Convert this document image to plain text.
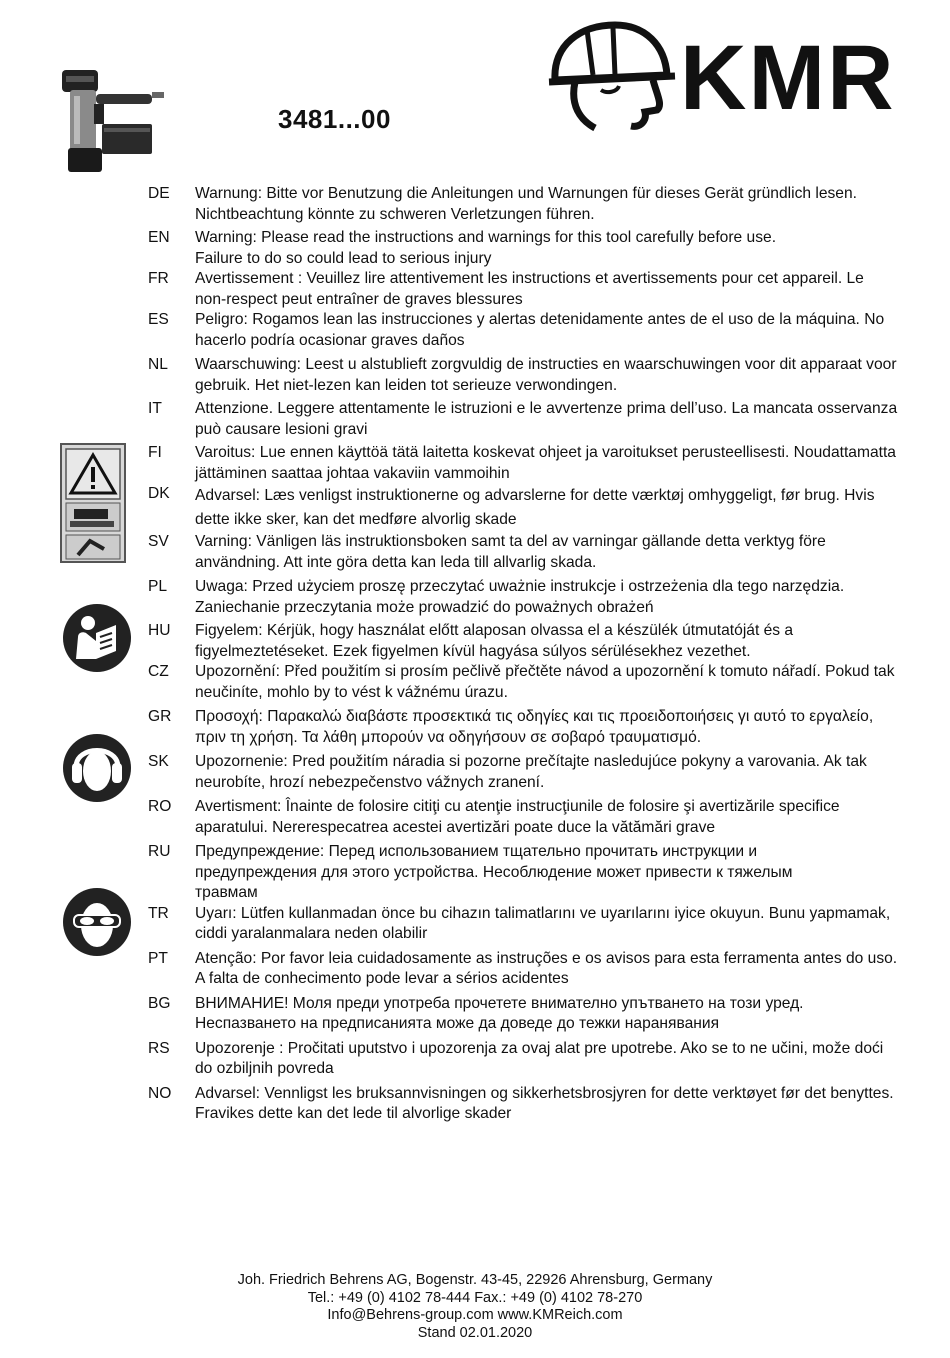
3481...00	KMR
DE Warnung: Bitte vor Benutzung die Anleitungen und Warnungen für dieses Gerät gründlich lesen. Nichtbeachtung könnte zu schweren Verletzungen führen.
EN Warning: Please read the instructions and warnings for this tool carefully before use. Failure to do so could lead to serious injury
FR Avertissement : Veuillez lire attentivement les instructions et avertissements pour cet appareil. Le non-respect peut entraîner de graves blessures
ES Peligro: Rogamos lean las instrucciones y alertas detenidamente antes de el uso de la máquina. No hacerlo podría ocasionar graves daños
NL Waarschuwing: Leest u alstublieft zorgvuldig de instructies en waarschuwingen voor dit apparaat voor gebruik. Het niet-lezen kan leiden tot serieuze verwondingen.
IT Attenzione. Leggere attentamente le istruzioni e le avvertenze prima dell’uso. La mancata osservanza può causare lesioni gravi
FI Varoitus: Lue ennen käyttöä tätä laitetta koskevat ohjeet ja varoitukset perusteellisesti. Noudattamatta jättäminen saattaa johtaa vakaviin vammoihin
DK Advarsel: Læs venligst instruktionerne og advarslerne for dette værktøj omhyggeligt, før brug. Hvis dette ikke sker, kan det medføre alvorlig skade
SV Varning: Vänligen läs instruktionsboken samt ta del av varningar gällande detta verktyg före användning. Att inte göra detta kan leda till allvarlig skada.
PL Uwaga: Przed użyciem proszę przeczytać uważnie instrukcje i ostrzeżenia dla tego narzędzia. Zaniechanie przeczytania może prowadzić do poważnych obrażeń
HU Figyelem: Kérjük, hogy használat előtt alaposan olvassa el a készülék útmutatóját és a figyelmeztetéseket. Ezek figyelmen kívül hagyása súlyos sérülésekhez vezethet.
CZ Upozornění: Před použitím si prosím pečlivě přečtěte návod a upozornění k tomuto nářadí. Pokud tak neučiníte, mohlo by to vést k vážnému úrazu.
GR Προσοχή: Παρακαλώ διαβάστε προσεκτικά τις οδηγίες και τις προειδοποιήσεις γι αυτό το εργαλείο, πριν τη χρήση. Τα λάθη μπορούν να οδηγήσουν σε σοβαρό τραυματισμό.
SK Upozornenie: Pred použitím náradia si pozorne prečítajte nasledujúce pokyny a varovania. Ak tak neurobíte, hrozí nebezpečenstvo vážnych zranení.
RO Avertisment: Înainte de folosire citiţi cu atenţie instrucţiunile de folosire şi avertizările specifice aparatului. Nererespecatrea acestei avertizări poate duce la vătămări grave
RU Предупреждение: Перед использованием тщательно прочитать инструкции и предупреждения для этого устройства. Несоблюдение может привести к тяжелым травмам
TR Uyarı: Lütfen kullanmadan önce bu cihazın talimatlarını ve uyarılarını iyice okuyun. Bunu yapmamak, ciddi yaralanmalara neden olabilir
PT Atenção: Por favor leia cuidadosamente as instruções e os avisos para esta ferramenta antes do uso. A falta de conhecimento pode levar a sérios acidentes
BG ВНИМАНИЕ! Моля преди употреба прочетете внимателно упътването на този уред. Неспазването на предписанията може да доведе до тежки наранявания
RS Upozorenje : Pročitati uputstvo i upozorenja za ovaj alat pre upotrebe. Ako se to ne učini, može doći do ozbiljnih povreda
NO Advarsel: Vennligst les bruksannvisningen og sikkerhetsbrosjyren for dette verktøyet før det benyttes. Fravikes dette kan det lede til alvorlige skader
Joh. Friedrich Behrens AG, Bogenstr. 43-45, 22926 Ahrensburg, Germany
Tel.: +49 (0) 4102 78-444 Fax.: +49 (0) 4102 78-270
Info@Behrens-group.com www.KMReich.com
Stand 02.01.2020
